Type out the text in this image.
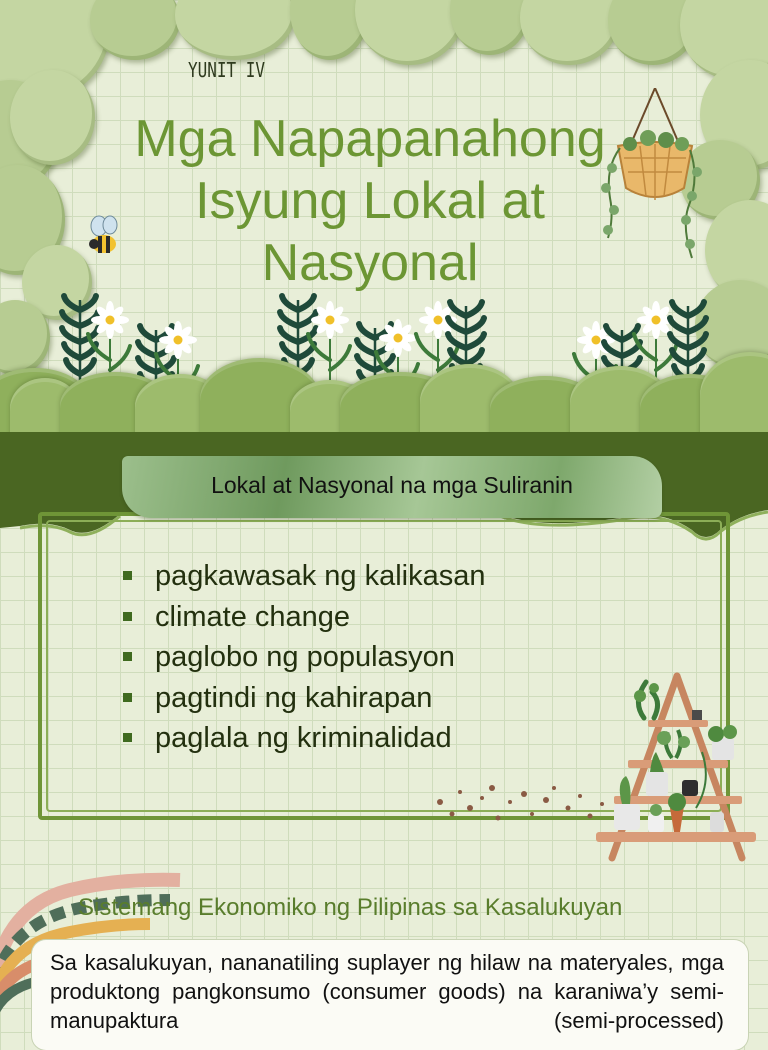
YUNIT IV
Mga Napapanahong
Isyung Lokal at
Nasyonal
Lokal at Nasyonal na mga Suliranin
pagkawasak ng kalikasan
climate change
paglobo ng populasyon
pagtindi ng kahirapan
paglala ng kriminalidad
Sistemang Ekonomiko ng Pilipinas sa Kasalukuyan

Sa kasalukuyan, nananatiling suplayer ng hilaw na materyales, mga produktong pangkonsumo (consumer goods) na karaniwa’y semi-manupaktura (semi-processed)
